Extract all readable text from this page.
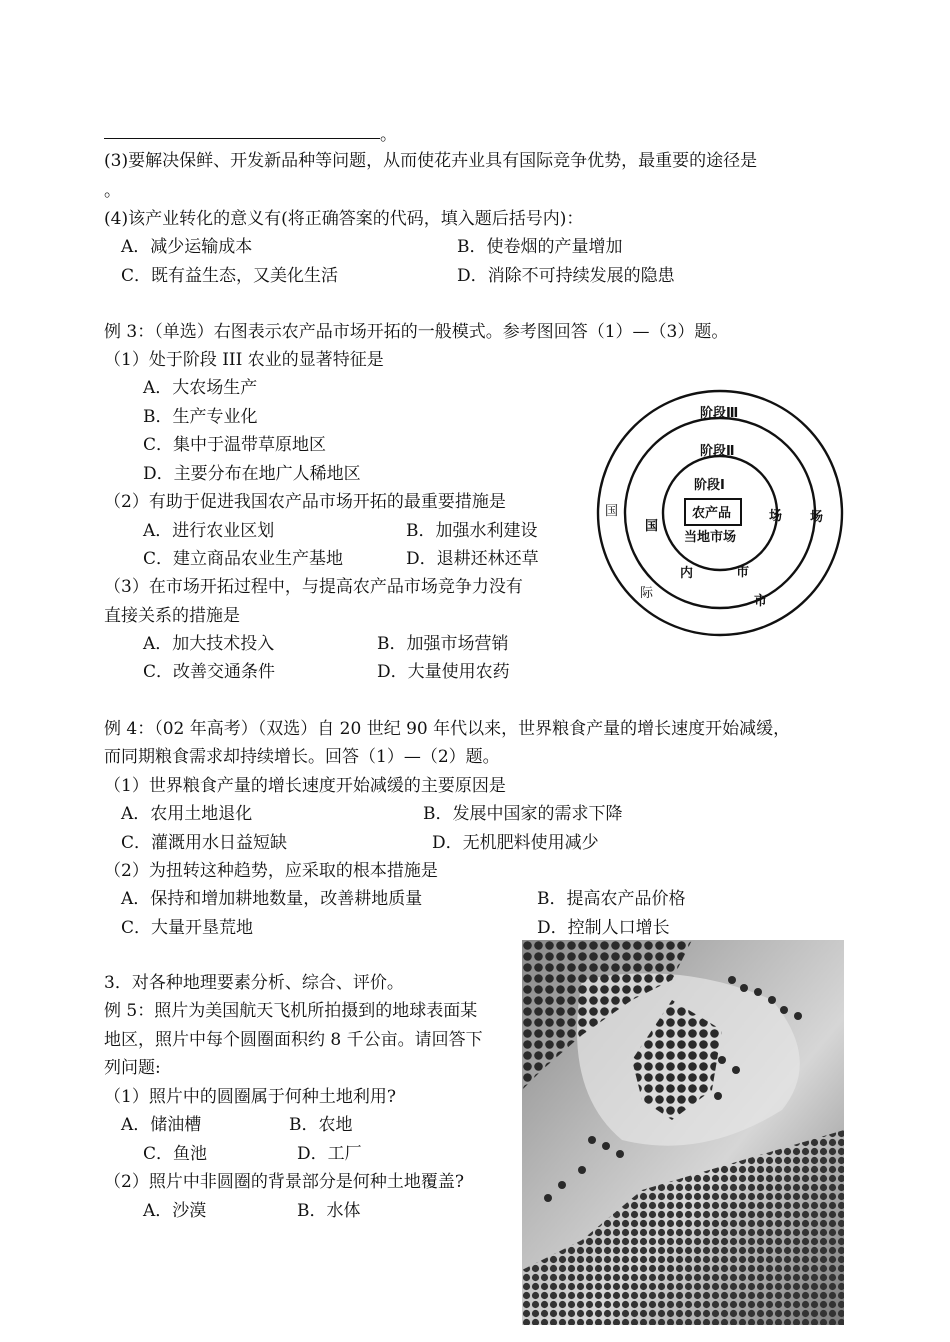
。
(3)要解决保鲜、开发新品种等问题，从而使花卉业具有国际竞争优势，最重要的途径是
。
(4)该产业转化的意义有(将正确答案的代码，填入题后括号内)：
A．减少运输成本	B．使卷烟的产量增加
C．既有益生态，又美化生活	D．消除不可持续发展的隐患
例 3：（单选）右图表示农产品市场开拓的一般模式。参考图回答（1）—（3）题。
（1）处于阶段 III 农业的显著特征是
A．大农场生产
B．生产专业化
C．集中于温带草原地区
D．主要分布在地广人稀地区
（2）有助于促进我国农产品市场开拓的最重要措施是
A．进行农业区划	B．加强水利建设
C．建立商品农业生产基地	D．退耕还林还草
（3）在市场开拓过程中，与提高农产品市场竞争力没有
直接关系的措施是
A．加大技术投入	B．加强市场营销
C．改善交通条件	D．大量使用农药
例 4：（02 年高考）（双选）自 20 世纪 90 年代以来，世界粮食产量的增长速度开始减缓，
而同期粮食需求却持续增长。回答（1）—（2）题。
（1）世界粮食产量的增长速度开始减缓的主要原因是
A．农用土地退化	B．发展中国家的需求下降
C．灌溉用水日益短缺	D．无机肥料使用减少
（2）为扭转这种趋势，应采取的根本措施是
A．保持和增加耕地数量，改善耕地质量	B．提高农产品价格
C．大量开垦荒地	D．控制人口增长
3．对各种地理要素分析、综合、评价。
例 5：照片为美国航天飞机所拍摄到的地球表面某
地区，照片中每个圆圈面积约 8 千公亩。请回答下
列问题:
（1）照片中的圆圈属于何种土地利用?
A．储油槽	B．农地
C．鱼池	D．工厂
（2）照片中非圆圈的背景部分是何种土地覆盖?
A．沙漠	B．水体
阶段Ⅲ
阶段Ⅱ
阶段Ⅰ
农产品
当地市场
国
场
内	市
国
际
市
场
